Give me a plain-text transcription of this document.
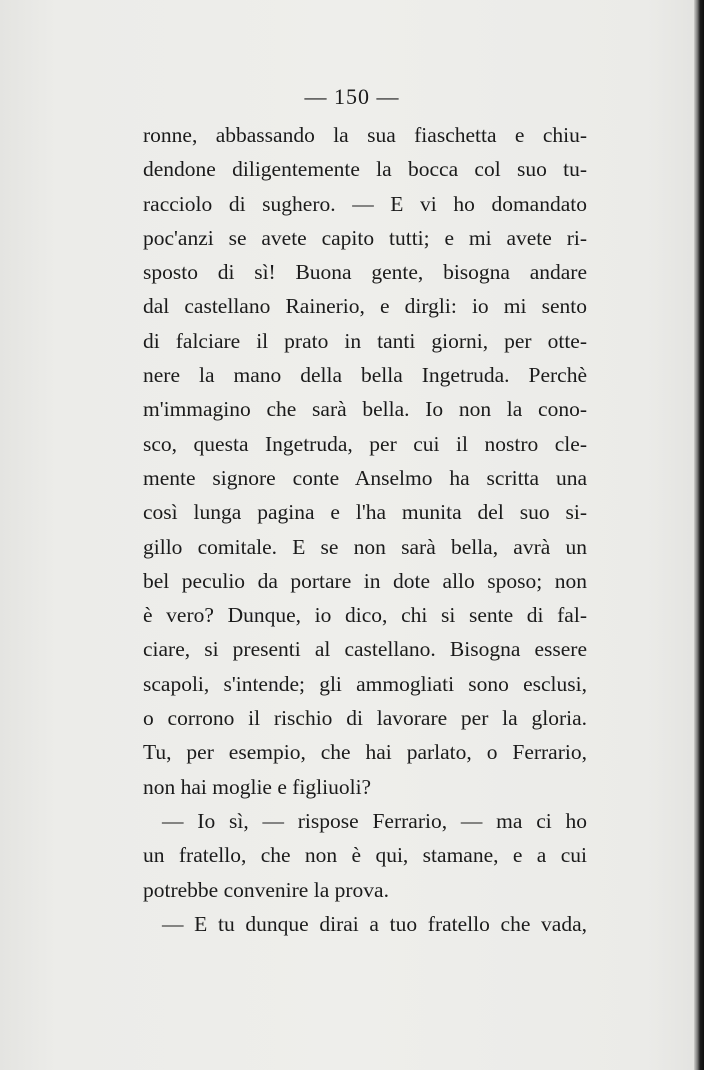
— 150 —
ronne, abbassando la sua fiaschetta e chiu-
dendone diligentemente la bocca col suo tu-
racciolo di sughero. — E vi ho domandato
poc'anzi se avete capito tutti; e mi avete ri-
sposto di sì! Buona gente, bisogna andare
dal castellano Rainerio, e dirgli: io mi sento
di falciare il prato in tanti giorni, per otte-
nere la mano della bella Ingetruda. Perchè
m'immagino che sarà bella. Io non la cono-
sco, questa Ingetruda, per cui il nostro cle-
mente signore conte Anselmo ha scritta una
così lunga pagina e l'ha munita del suo si-
gillo comitale. E se non sarà bella, avrà un
bel peculio da portare in dote allo sposo; non
è vero? Dunque, io dico, chi si sente di fal-
ciare, si presenti al castellano. Bisogna essere
scapoli, s'intende; gli ammogliati sono esclusi,
o corrono il rischio di lavorare per la gloria.
Tu, per esempio, che hai parlato, o Ferrario,
non hai moglie e figliuoli?
— Io sì, — rispose Ferrario, — ma ci ho
un fratello, che non è qui, stamane, e a cui
potrebbe convenire la prova.
— E tu dunque dirai a tuo fratello che vada,
